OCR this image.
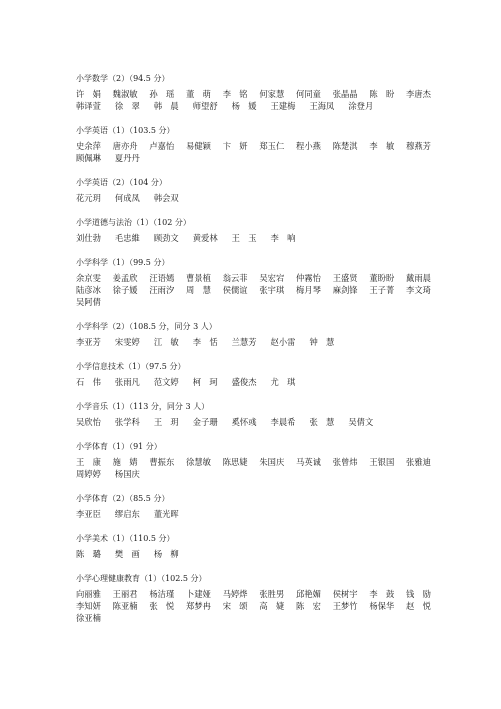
小学数学（2）（94.5 分）
许　娟 魏淑敏 孙　瑶 董　萌 李　铭 何家慧 何同童 张晶晶 陈　盼 李唐杰
韩译萱 徐　翠 韩　晨 师望舒 杨　媛 王建梅 王海凤 涂登月
小学英语（1）（103.5 分）
史余萍 唐亦舟 卢嘉怡 易健颖 卞　妍 郑玉仁 程小燕 陈楚淇 李　敏 穆燕芳
顾佩琳 夏丹丹
小学英语（2）（104 分）
花元玥 何成凤 韩会双
小学道德与法治（1）（102 分）
刘仕勃 毛忠維 顾劲文 黄爱林 王　玉 李　响
小学科学（1）（99.5 分）
余京雯 姜孟欣 汪语嫣 曹景植 翁云菲 吴宏宕 仲霧怡 王盛贤 董盼盼 戴雨晨
陆彦冰 徐子媛 汪雨汐 周　慧 侯儒谊 张宇琪 梅月琴 麻剑锋 王子菁 李文琦
吴阿倩
小学科学（2）（108.5 分，同分 3 人）
李亚芳 宋雯婷 江　敏 李　恬 兰慧芳 赵小雷 钟　慧
小学信息技术（1）（97.5 分）
石　伟 张雨凡 范文婷 柯　珂 盛俊杰 尤　琪
小学音乐（1）（113 分，同分 3 人）
吴欣怡 张学科 王　玥 金子珊 奚怀彧 李晨希 张　慧 吴倩文
小学体育（1）（91 分）
王　康 施　婧 曹振东 徐慧敏 陈思婕 朱国庆 马英诚 张曾炜 王银国 张雅迪
周婷婷 杨国庆
小学体育（2）（85.5 分）
李亚臣 缪启东 董光晖
小学美术（1）（110.5 分）
陈　璐 樊　画 杨　柳
小学心理健康教育（1）（102.5 分）
向丽雅 王丽君 杨洁瑾 卜建娅 马婷烨 张胜男 邱艳媚 侯树宇 李　鼓 钱　励
李知妍 陈亚楠 张　悦 郑梦冉 宋　颂 高　婕 陈　宏 王梦竹 杨保华 赵　悦
徐亚楠
